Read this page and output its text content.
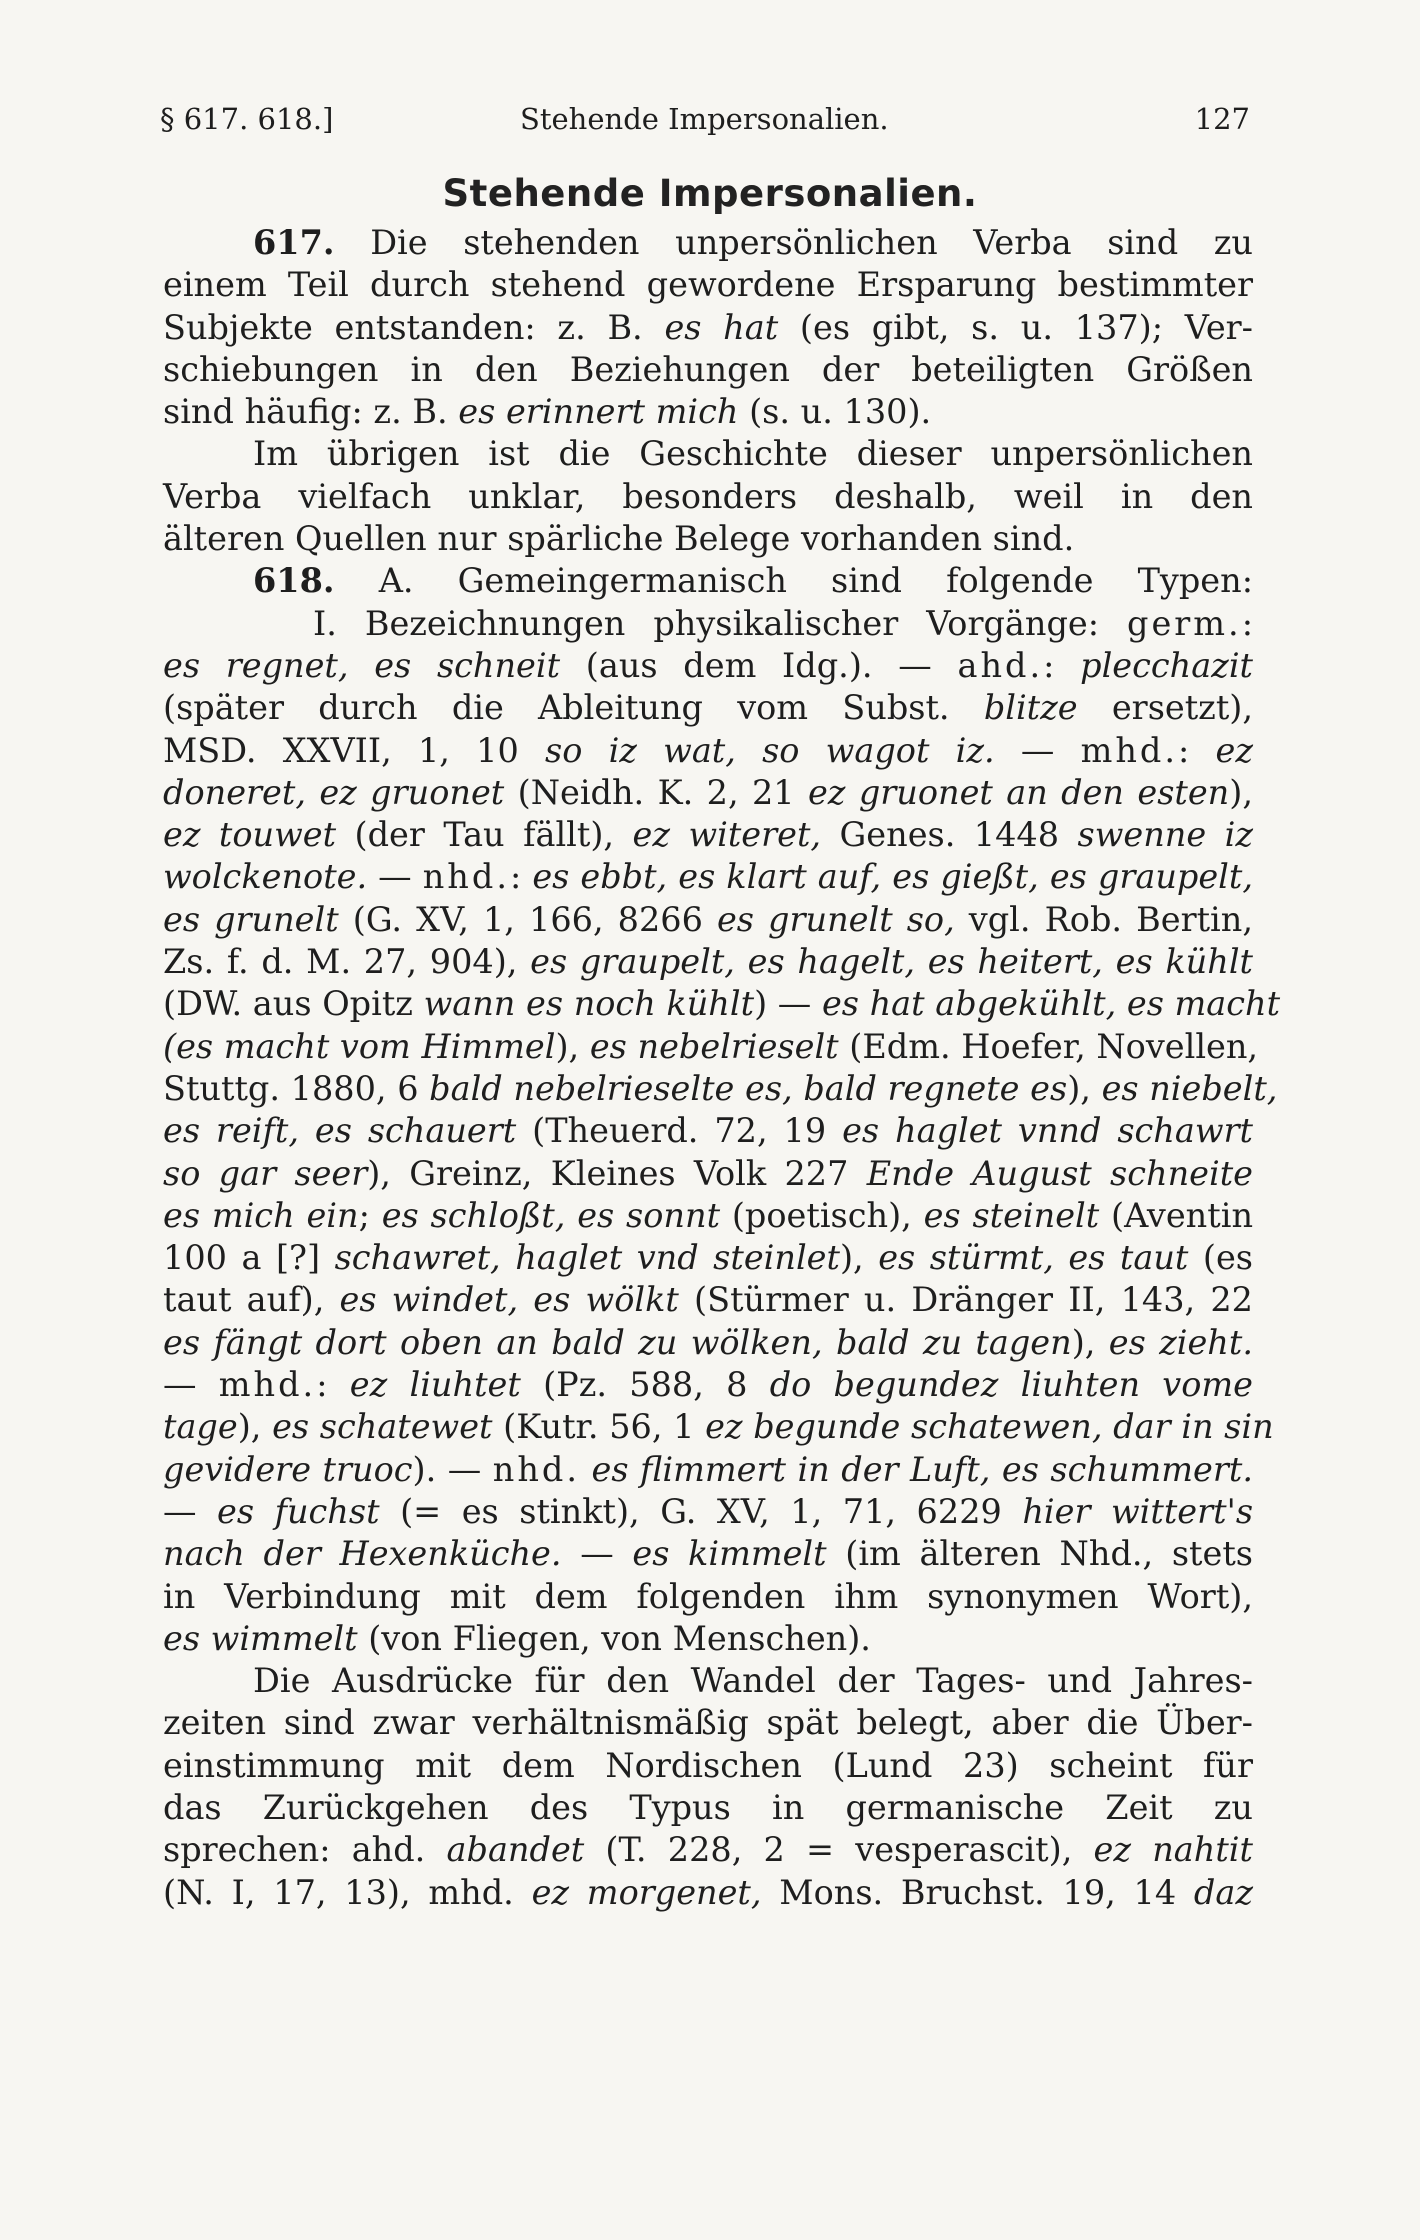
§ 617. 618.]	Stehende Impersonalien.	127
Stehende Impersonalien.
617. Die stehenden unpersönlichen Verba sind zu
einem Teil durch stehend gewordene Ersparung bestimmter
Subjekte entstanden: z. B. es hat (es gibt, s. u. 137); Ver-
schiebungen in den Beziehungen der beteiligten Größen
sind häufig: z. B. es erinnert mich (s. u. 130).
Im übrigen ist die Geschichte dieser unpersönlichen
Verba vielfach unklar, besonders deshalb, weil in den
älteren Quellen nur spärliche Belege vorhanden sind.
618. A. Gemeingermanisch sind folgende Typen:
I. Bezeichnungen physikalischer Vorgänge: germ.:
es regnet, es schneit (aus dem Idg.). — ahd.: plecchazit
(später durch die Ableitung vom Subst. blitze ersetzt),
MSD. XXVII, 1, 10 so iz wat, so wagot iz. — mhd.: ez
doneret, ez gruonet (Neidh. K. 2, 21 ez gruonet an den esten),
ez touwet (der Tau fällt), ez witeret, Genes. 1448 swenne iz
wolckenote. — nhd.: es ebbt, es klart auf, es gießt, es graupelt,
es grunelt (G. XV, 1, 166, 8266 es grunelt so, vgl. Rob. Bertin,
Zs. f. d. M. 27, 904), es graupelt, es hagelt, es heitert, es kühlt
(DW. aus Opitz wann es noch kühlt) — es hat abgekühlt, es macht
(es macht vom Himmel), es nebelrieselt (Edm. Hoefer, Novellen,
Stuttg. 1880, 6 bald nebelrieselte es, bald regnete es), es niebelt,
es reift, es schauert (Theuerd. 72, 19 es haglet vnnd schawrt
so gar seer), Greinz, Kleines Volk 227 Ende August schneite
es mich ein; es schloßt, es sonnt (poetisch), es steinelt (Aventin
100 a [?] schawret, haglet vnd steinlet), es stürmt, es taut (es
taut auf), es windet, es wölkt (Stürmer u. Dränger II, 143, 22
es fängt dort oben an bald zu wölken, bald zu tagen), es zieht.
— mhd.: ez liuhtet (Pz. 588, 8 do begundez liuhten vome
tage), es schatewet (Kutr. 56, 1 ez begunde schatewen, dar in sin
gevidere truoc). — nhd. es flimmert in der Luft, es schummert.
— es fuchst (= es stinkt), G. XV, 1, 71, 6229 hier wittert's
nach der Hexenküche. — es kimmelt (im älteren Nhd., stets
in Verbindung mit dem folgenden ihm synonymen Wort),
es wimmelt (von Fliegen, von Menschen).
Die Ausdrücke für den Wandel der Tages- und Jahres-
zeiten sind zwar verhältnismäßig spät belegt, aber die Über-
einstimmung mit dem Nordischen (Lund 23) scheint für
das Zurückgehen des Typus in germanische Zeit zu
sprechen: ahd. abandet (T. 228, 2 = vesperascit), ez nahtit
(N. I, 17, 13), mhd. ez morgenet, Mons. Bruchst. 19, 14 daz
